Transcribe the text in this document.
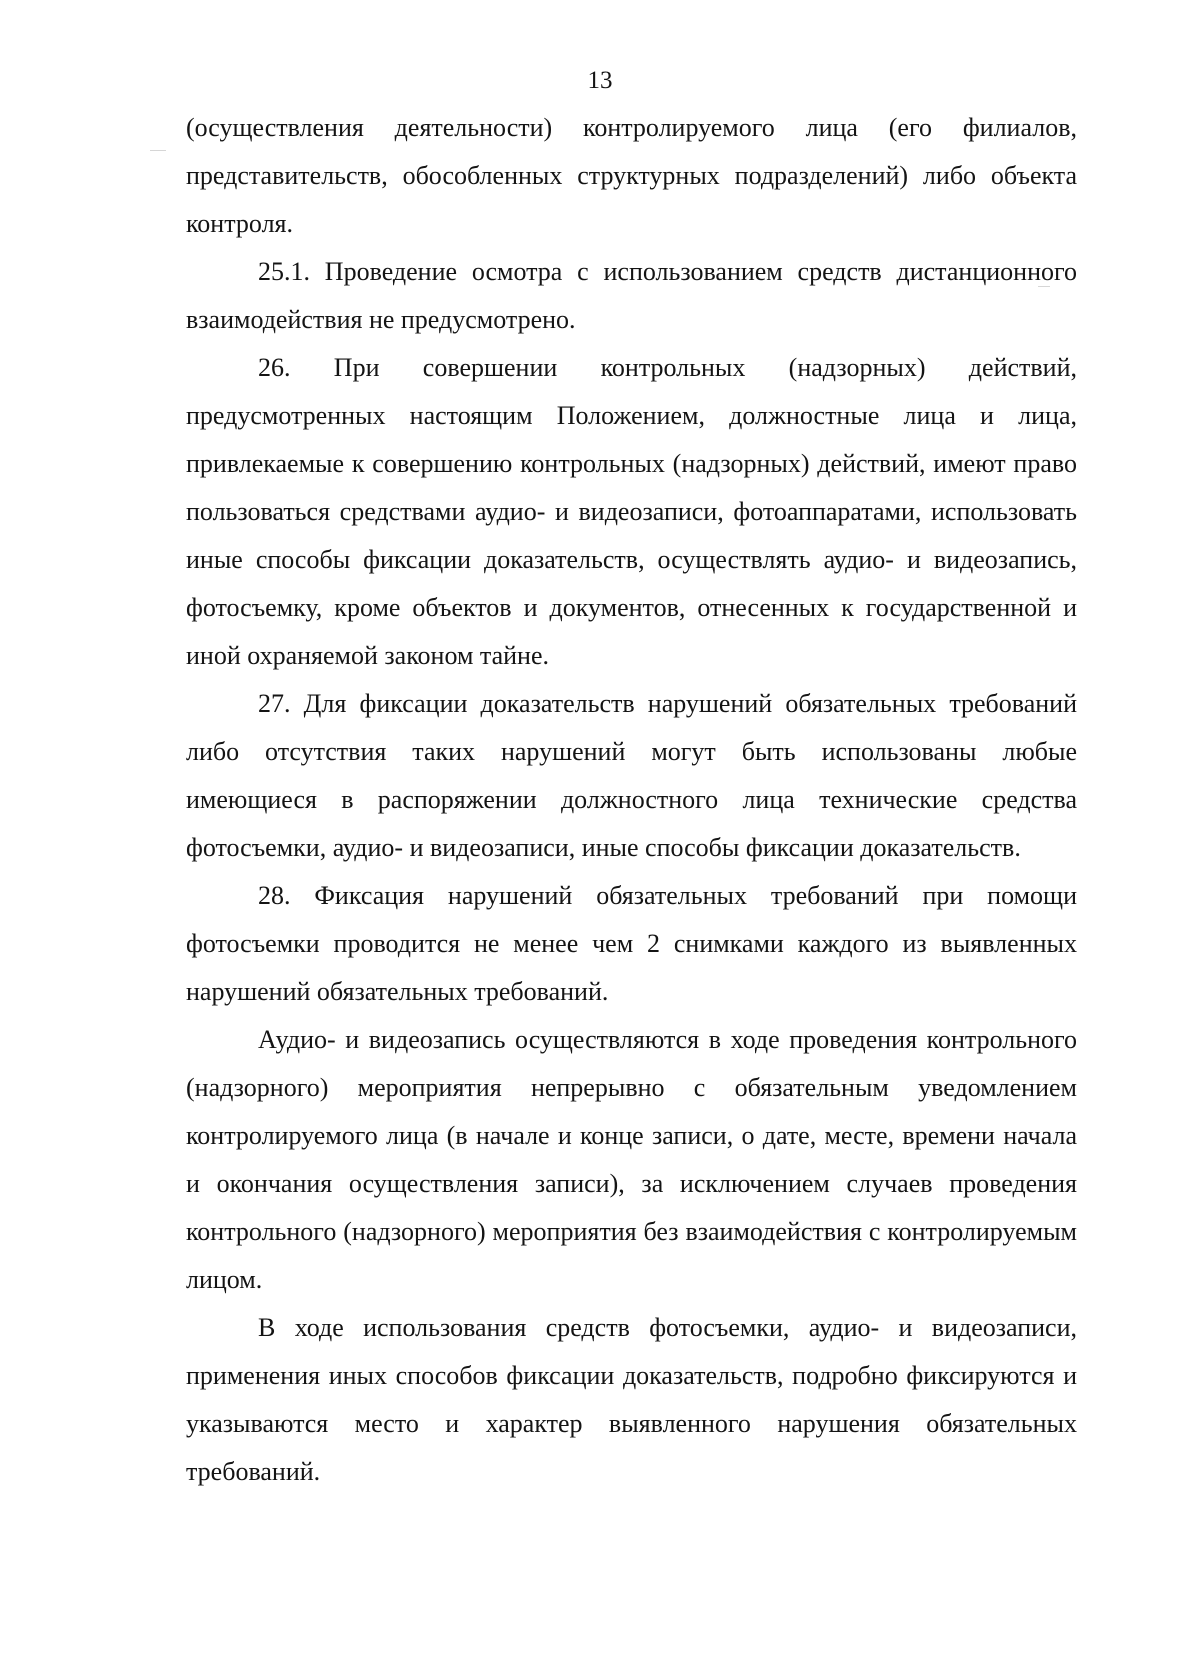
13

(осуществления деятельности) контролируемого лица (его филиалов, представительств, обособленных структурных подразделений) либо объекта контроля.

25.1. Проведение осмотра с использованием средств дистанционного взаимодействия не предусмотрено.

26. При совершении контрольных (надзорных) действий, предусмотренных настоящим Положением, должностные лица и лица, привлекаемые к совершению контрольных (надзорных) действий, имеют право пользоваться средствами аудио- и видеозаписи, фотоаппаратами, использовать иные способы фиксации доказательств, осуществлять аудио- и видеозапись, фотосъемку, кроме объектов и документов, отнесенных к государственной и иной охраняемой законом тайне.

27. Для фиксации доказательств нарушений обязательных требований либо отсутствия таких нарушений могут быть использованы любые имеющиеся в распоряжении должностного лица технические средства фотосъемки, аудио- и видеозаписи, иные способы фиксации доказательств.

28. Фиксация нарушений обязательных требований при помощи фотосъемки проводится не менее чем 2 снимками каждого из выявленных нарушений обязательных требований.

Аудио- и видеозапись осуществляются в ходе проведения контрольного (надзорного) мероприятия непрерывно с обязательным уведомлением контролируемого лица (в начале и конце записи, о дате, месте, времени начала и окончания осуществления записи), за исключением случаев проведения контрольного (надзорного) мероприятия без взаимодействия с контролируемым лицом.

В ходе использования средств фотосъемки, аудио- и видеозаписи, применения иных способов фиксации доказательств, подробно фиксируются и указываются место и характер выявленного нарушения обязательных требований.
